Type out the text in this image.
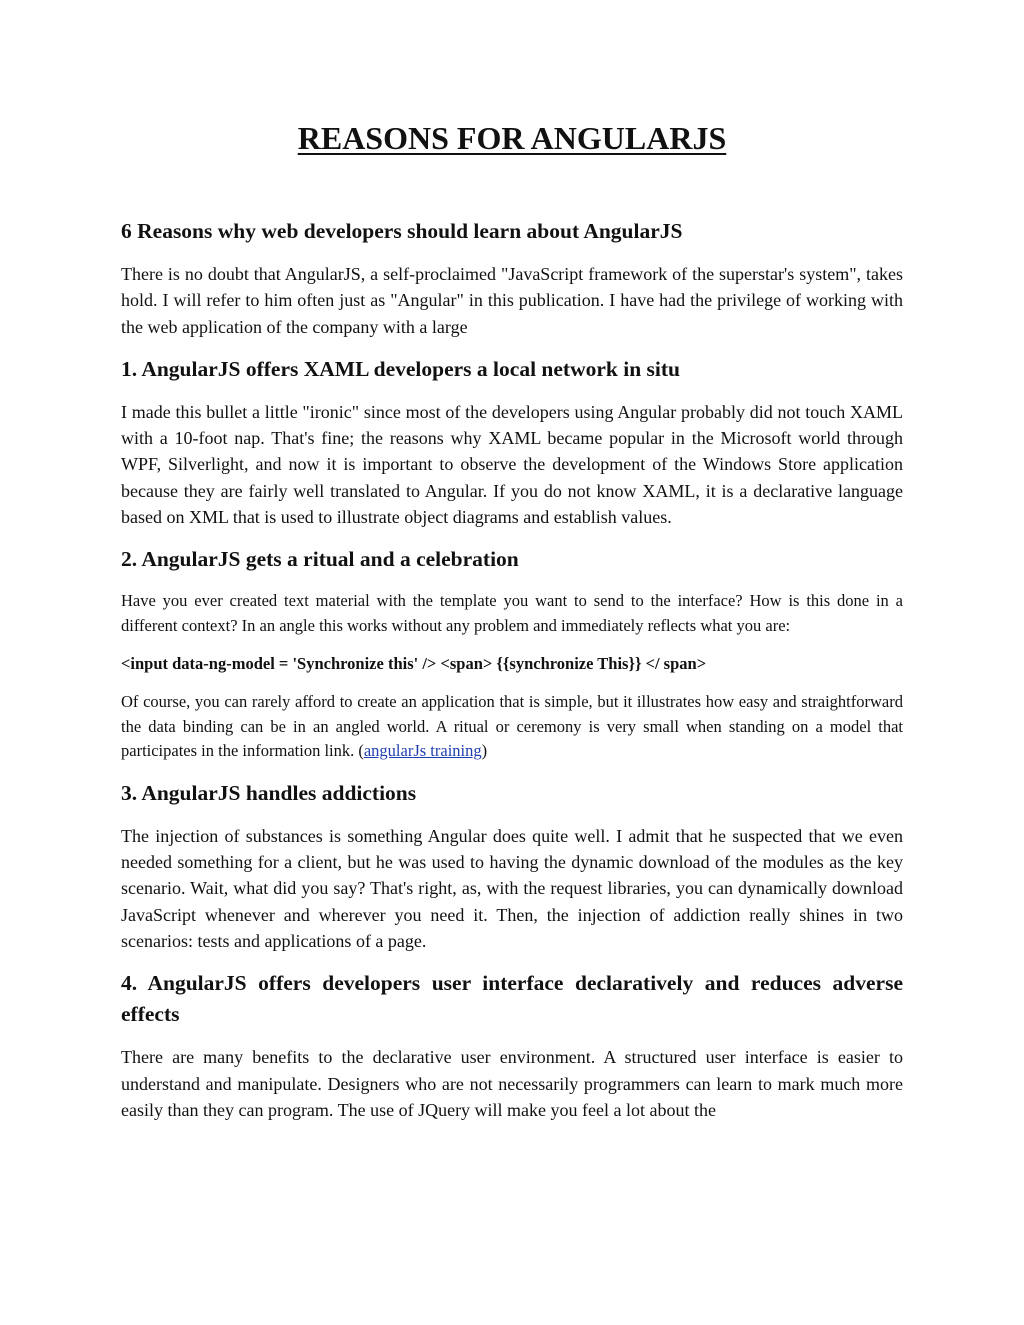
REASONS FOR ANGULARJS
6 Reasons why web developers should learn about AngularJS

There is no doubt that AngularJS, a self-proclaimed "JavaScript framework of the superstar's system", takes hold. I will refer to him often just as "Angular" in this publication. I have had the privilege of working with the web application of the company with a large

1. AngularJS offers XAML developers a local network in situ

I made this bullet a little "ironic" since most of the developers using Angular probably did not touch XAML with a 10-foot nap. That's fine; the reasons why XAML became popular in the Microsoft world through WPF, Silverlight, and now it is important to observe the development of the Windows Store application because they are fairly well translated to Angular. If you do not know XAML, it is a declarative language based on XML that is used to illustrate object diagrams and establish values.

2. AngularJS gets a ritual and a celebration

Have you ever created text material with the template you want to send to the interface? How is this done in a different context? In an angle this works without any problem and immediately reflects what you are:

<input data-ng-model = 'Synchronize this' /> <span> {{synchronize This}} </ span>

Of course, you can rarely afford to create an application that is simple, but it illustrates how easy and straightforward the data binding can be in an angled world. A ritual or ceremony is very small when standing on a model that participates in the information link. (angularJs training)

3. AngularJS handles addictions

The injection of substances is something Angular does quite well. I admit that he suspected that we even needed something for a client, but he was used to having the dynamic download of the modules as the key scenario. Wait, what did you say? That's right, as, with the request libraries, you can dynamically download JavaScript whenever and wherever you need it. Then, the injection of addiction really shines in two scenarios: tests and applications of a page.

4. AngularJS offers developers user interface declaratively and reduces adverse effects

There are many benefits to the declarative user environment. A structured user interface is easier to understand and manipulate. Designers who are not necessarily programmers can learn to mark much more easily than they can program. The use of JQuery will make you feel a lot about the
